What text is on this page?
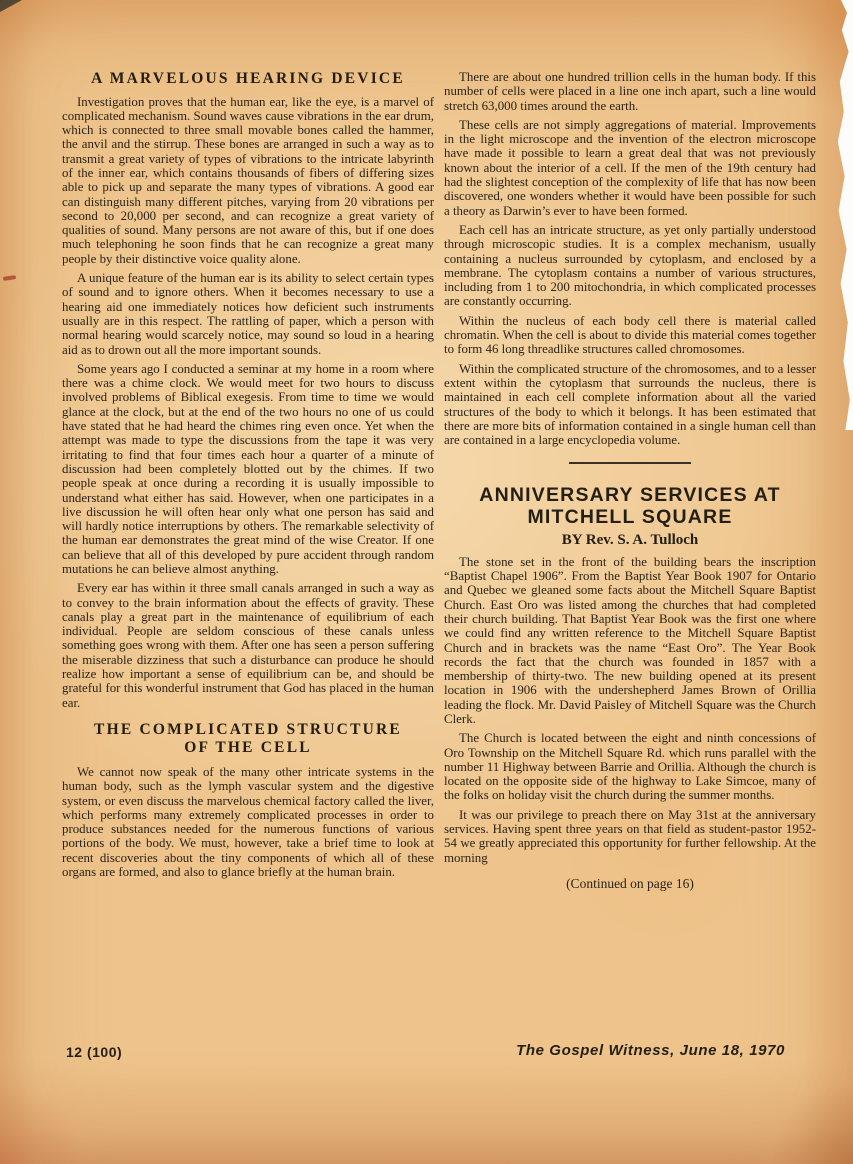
A MARVELOUS HEARING DEVICE

Investigation proves that the human ear, like the eye, is a marvel of complicated mechanism. Sound waves cause vibrations in the ear drum, which is connected to three small movable bones called the hammer, the anvil and the stirrup. These bones are arranged in such a way as to transmit a great variety of types of vibrations to the intricate labyrinth of the inner ear, which contains thousands of fibers of differing sizes able to pick up and separate the many types of vibrations. A good ear can distinguish many different pitches, varying from 20 vibrations per second to 20,000 per second, and can recognize a great variety of qualities of sound. Many persons are not aware of this, but if one does much telephoning he soon finds that he can recognize a great many people by their distinctive voice quality alone.

A unique feature of the human ear is its ability to select certain types of sound and to ignore others. When it becomes necessary to use a hearing aid one immediately notices how deficient such instruments usually are in this respect. The rattling of paper, which a person with normal hearing would scarcely notice, may sound so loud in a hearing aid as to drown out all the more important sounds.

Some years ago I conducted a seminar at my home in a room where there was a chime clock. We would meet for two hours to discuss involved problems of Biblical exegesis. From time to time we would glance at the clock, but at the end of the two hours no one of us could have stated that he had heard the chimes ring even once. Yet when the attempt was made to type the discussions from the tape it was very irritating to find that four times each hour a quarter of a minute of discussion had been completely blotted out by the chimes. If two people speak at once during a recording it is usually impossible to understand what either has said. However, when one participates in a live discussion he will often hear only what one person has said and will hardly notice interruptions by others. The remarkable selectivity of the human ear demonstrates the great mind of the wise Creator. If one can believe that all of this developed by pure accident through random mutations he can believe almost anything.

Every ear has within it three small canals arranged in such a way as to convey to the brain information about the effects of gravity. These canals play a great part in the maintenance of equilibrium of each individual. People are seldom conscious of these canals unless something goes wrong with them. After one has seen a person suffering the miserable dizziness that such a disturbance can produce he should realize how important a sense of equilibrium can be, and should be grateful for this wonderful instrument that God has placed in the human ear.

THE COMPLICATED STRUCTURE
OF THE CELL

We cannot now speak of the many other intricate systems in the human body, such as the lymph vascular system and the digestive system, or even discuss the marvelous chemical factory called the liver, which performs many extremely complicated processes in order to produce substances needed for the numerous functions of various portions of the body. We must, however, take a brief time to look at recent discoveries about the tiny components of which all of these organs are formed, and also to glance briefly at the human brain.

There are about one hundred trillion cells in the human body. If this number of cells were placed in a line one inch apart, such a line would stretch 63,000 times around the earth.

These cells are not simply aggregations of material. Improvements in the light microscope and the invention of the electron microscope have made it possible to learn a great deal that was not previously known about the interior of a cell. If the men of the 19th century had had the slightest conception of the complexity of life that has now been discovered, one wonders whether it would have been possible for such a theory as Darwin’s ever to have been formed.

Each cell has an intricate structure, as yet only partially understood through microscopic studies. It is a complex mechanism, usually containing a nucleus surrounded by cytoplasm, and enclosed by a membrane. The cytoplasm contains a number of various structures, including from 1 to 200 mitochondria, in which complicated processes are constantly occurring.

Within the nucleus of each body cell there is material called chromatin. When the cell is about to divide this material comes together to form 46 long threadlike structures called chromosomes.

Within the complicated structure of the chromosomes, and to a lesser extent within the cytoplasm that surrounds the nucleus, there is maintained in each cell complete information about all the varied structures of the body to which it belongs. It has been estimated that there are more bits of information contained in a single human cell than are contained in a large encyclopedia volume.

ANNIVERSARY SERVICES AT
MITCHELL SQUARE
BY Rev. S. A. Tulloch

The stone set in the front of the building bears the inscription “Baptist Chapel 1906”. From the Baptist Year Book 1907 for Ontario and Quebec we gleaned some facts about the Mitchell Square Baptist Church. East Oro was listed among the churches that had completed their church building. That Baptist Year Book was the first one where we could find any written reference to the Mitchell Square Baptist Church and in brackets was the name “East Oro”. The Year Book records the fact that the church was founded in 1857 with a membership of thirty-two. The new building opened at its present location in 1906 with the undershepherd James Brown of Orillia leading the flock. Mr. David Paisley of Mitchell Square was the Church Clerk.

The Church is located between the eight and ninth concessions of Oro Township on the Mitchell Square Rd. which runs parallel with the number 11 Highway between Barrie and Orillia. Although the church is located on the opposite side of the highway to Lake Simcoe, many of the folks on holiday visit the church during the summer months.

It was our privilege to preach there on May 31st at the anniversary services. Having spent three years on that field as student-pastor 1952-54 we greatly appreciated this opportunity for further fellowship. At the morning

(Continued on page 16)

12 (100)	The Gospel Witness, June 18, 1970
